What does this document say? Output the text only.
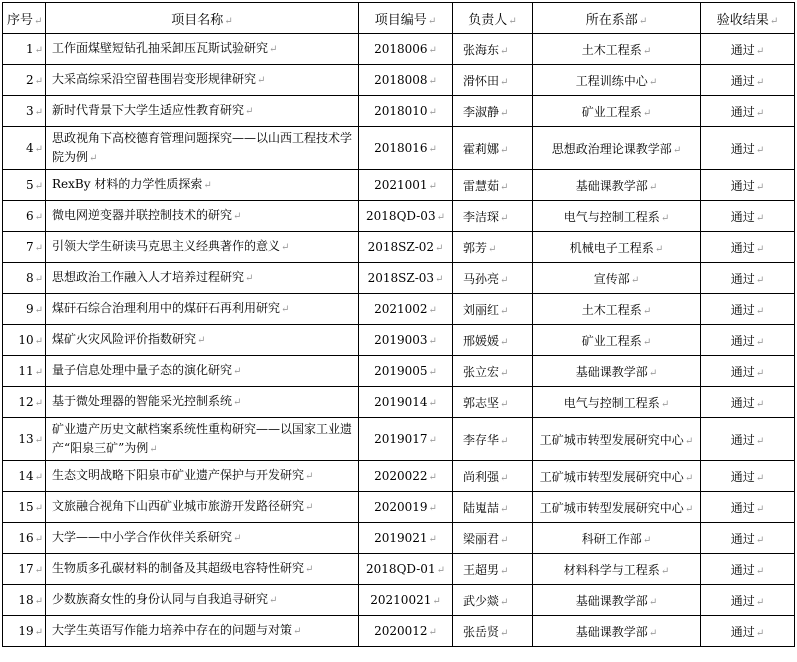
序号↵	项目名称↵	项目编号↵	负责人↵	所在系部↵	验收结果↵
1↵	工作面煤壁短钻孔抽采卸压瓦斯试验研究↵	2018006↵	张海东↵	土木工程系↵	通过↵
2↵	大采高综采沿空留巷围岩变形规律研究↵	2018008↵	滑怀田↵	工程训练中心↵	通过↵
3↵	新时代背景下大学生适应性教育研究↵	2018010↵	李淑静↵	矿业工程系↵	通过↵
4↵	思政视角下高校德育管理问题探究——以山西工程技术学院为例↵	2018016↵	霍莉娜↵	思想政治理论课教学部↵	通过↵
5↵	RexBy 材料的力学性质探索↵	2021001↵	雷慧茹↵	基础课教学部↵	通过↵
6↵	微电网逆变器并联控制技术的研究↵	2018QD-03↵	李洁琛↵	电气与控制工程系↵	通过↵
7↵	引领大学生研读马克思主义经典著作的意义↵	2018SZ-02↵	郭芳↵	机械电子工程系↵	通过↵
8↵	思想政治工作融入人才培养过程研究↵	2018SZ-03↵	马孙亮↵	宣传部↵	通过↵
9↵	煤矸石综合治理利用中的煤矸石再利用研究↵	2021002↵	刘丽红↵	土木工程系↵	通过↵
10↵	煤矿火灾风险评价指数研究↵	2019003↵	邢媛媛↵	矿业工程系↵	通过↵
11↵	量子信息处理中量子态的演化研究↵	2019005↵	张立宏↵	基础课教学部↵	通过↵
12↵	基于微处理器的智能采光控制系统↵	2019014↵	郭志坚↵	电气与控制工程系↵	通过↵
13↵	矿业遗产历史文献档案系统性重构研究——以国家工业遗产“阳泉三矿”为例↵	2019017↵	李存华↵	工矿城市转型发展研究中心↵	通过↵
14↵	生态文明战略下阳泉市矿业遗产保护与开发研究↵	2020022↵	尚利强↵	工矿城市转型发展研究中心↵	通过↵
15↵	文旅融合视角下山西矿业城市旅游开发路径研究↵	2020019↵	陆嵬喆↵	工矿城市转型发展研究中心↵	通过↵
16↵	大学——中小学合作伙伴关系研究↵	2019021↵	梁丽君↵	科研工作部↵	通过↵
17↵	生物质多孔碳材料的制备及其超级电容特性研究↵	2018QD-01↵	王超男↵	材料科学与工程系↵	通过↵
18↵	少数族裔女性的身份认同与自我追寻研究↵	20210021↵	武少燚↵	基础课教学部↵	通过↵
19↵	大学生英语写作能力培养中存在的问题与对策↵	2020012↵	张岳贤↵	基础课教学部↵	通过↵
